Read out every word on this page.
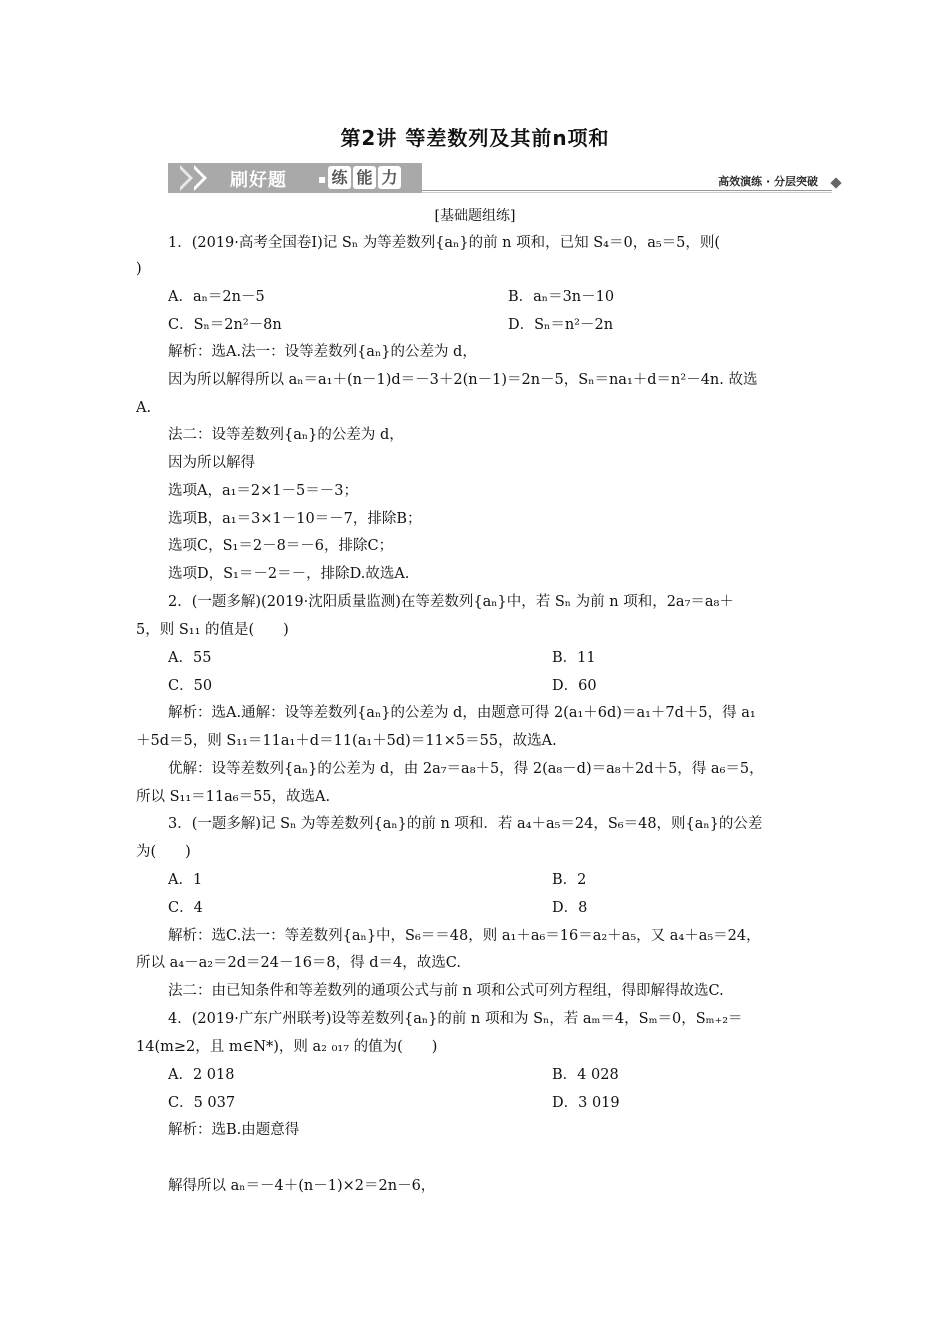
第2讲 等差数列及其前n项和
刷好题	▪ 练 能 力	高效演练 · 分层突破
[基础题组练]
1．(2019·高考全国卷Ⅰ)记 Sₙ 为等差数列{aₙ}的前 n 项和，已知 S₄＝0，a₅＝5，则(
)
A．aₙ＝2n－5	B．aₙ＝3n－10
C．Sₙ＝2n²－8n	D．Sₙ＝n²－2n
解析：选A.法一：设等差数列{aₙ}的公差为 d，
因为所以解得所以 aₙ＝a₁＋(n－1)d＝－3＋2(n－1)＝2n－5，Sₙ＝na₁＋d＝n²－4n. 故选
A.
法二：设等差数列{aₙ}的公差为 d，
因为所以解得
选项A，a₁＝2×1－5＝－3；
选项B，a₁＝3×1－10＝－7，排除B；
选项C，S₁＝2－8＝－6，排除C；
选项D，S₁＝－2＝－，排除D.故选A.
2．(一题多解)(2019·沈阳质量监测)在等差数列{aₙ}中，若 Sₙ 为前 n 项和，2a₇＝a₈＋
5，则 S₁₁ 的值是(　　)
A．55	B．11
C．50	D．60
解析：选A.通解：设等差数列{aₙ}的公差为 d，由题意可得 2(a₁＋6d)＝a₁＋7d＋5，得 a₁
＋5d＝5，则 S₁₁＝11a₁＋d＝11(a₁＋5d)＝11×5＝55，故选A.
优解：设等差数列{aₙ}的公差为 d，由 2a₇＝a₈＋5，得 2(a₈－d)＝a₈＋2d＋5，得 a₆＝5，
所以 S₁₁＝11a₆＝55，故选A.
3．(一题多解)记 Sₙ 为等差数列{aₙ}的前 n 项和．若 a₄＋a₅＝24，S₆＝48，则{aₙ}的公差
为(　　)
A．1	B．2
C．4	D．8
解析：选C.法一：等差数列{aₙ}中，S₆＝＝48，则 a₁＋a₆＝16＝a₂＋a₅，又 a₄＋a₅＝24，
所以 a₄－a₂＝2d＝24－16＝8，得 d＝4，故选C.
法二：由已知条件和等差数列的通项公式与前 n 项和公式可列方程组，得即解得故选C.
4．(2019·广东广州联考)设等差数列{aₙ}的前 n 项和为 Sₙ，若 aₘ＝4，Sₘ＝0，Sₘ₊₂＝
14(m≥2，且 m∈N*)，则 a₂ ₀₁₇ 的值为(　　)
A．2 018	B．4 028
C．5 037	D．3 019
解析：选B.由题意得
解得所以 aₙ＝－4＋(n－1)×2＝2n－6，
